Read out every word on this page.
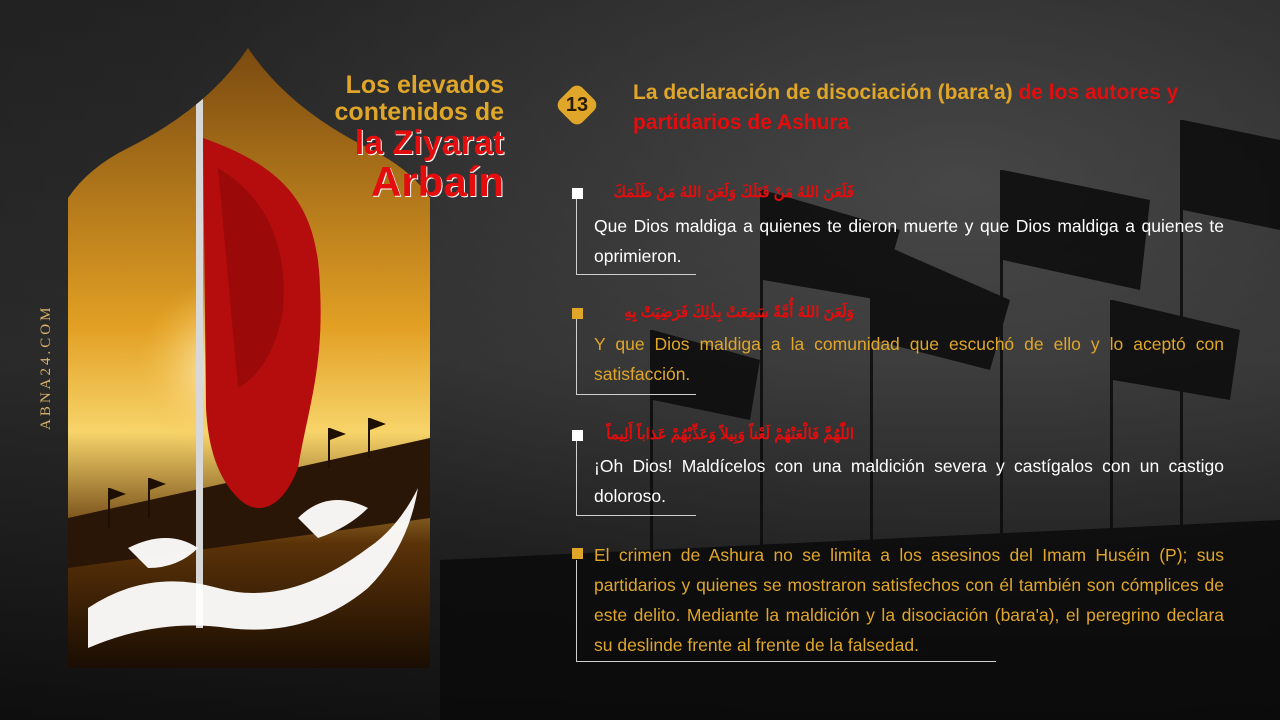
ABNA24.COM
Los elevados
contenidos de
la Ziyarat
Arbaín
13
La declaración de disociación (bara'a) de los autores y partidarios de Ashura
فَلَعَنَ اللهُ مَنْ قَتَلَكَ وَلَعَنَ اللهُ مَنْ ظَلَمَكَ
Que Dios maldiga a quienes te dieron muerte y que Dios maldiga a quienes te oprimieron.
وَلَعَنَ اللهُ أُمَّةً سَمِعَتْ بِذٰلِكَ فَرَضِيَتْ بِهِ
Y que Dios maldiga a la comunidad que escuchó de ello y lo aceptó con satisfacción.
اللّٰهُمَّ فَالْعَنْهُمْ لَعْناً وَبِيلاً وَعَذِّبْهُمْ عَذاباً أَلِيماً
¡Oh Dios! Maldícelos con una maldición severa y castígalos con un castigo doloroso.
El crimen de Ashura no se limita a los asesinos del Imam Huséin (P); sus partidarios y quienes se mostraron satisfechos con él también son cómplices de este delito. Mediante la maldición y la disociación (bara'a), el peregrino declara su deslinde frente al frente de la falsedad.
